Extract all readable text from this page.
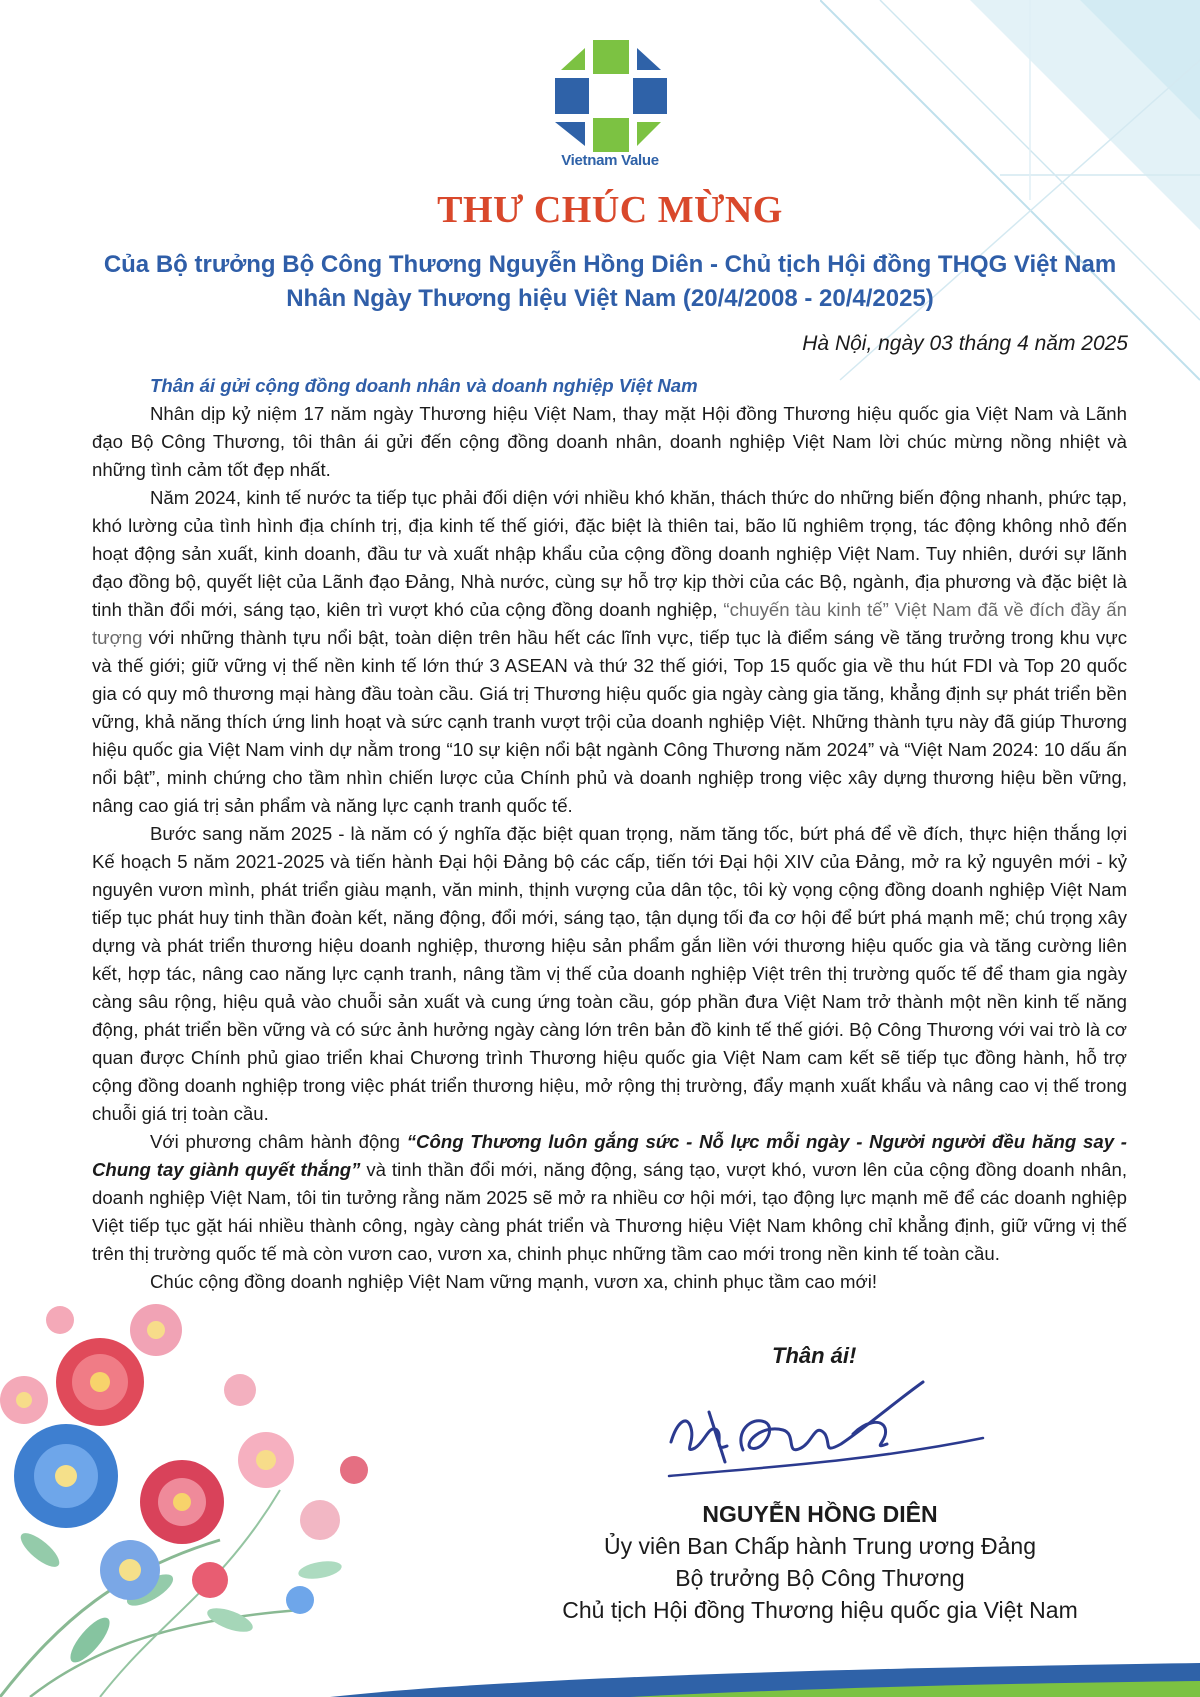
Vietnam Value
THƯ CHÚC MỪNG
Của Bộ trưởng Bộ Công Thương Nguyễn Hồng Diên - Chủ tịch Hội đồng THQG Việt Nam
Nhân Ngày Thương hiệu Việt Nam (20/4/2008 - 20/4/2025)
Hà Nội, ngày 03 tháng 4 năm 2025

Thân ái gửi cộng đồng doanh nhân và doanh nghiệp Việt Nam

Nhân dịp kỷ niệm 17 năm ngày Thương hiệu Việt Nam, thay mặt Hội đồng Thương hiệu quốc gia Việt Nam và Lãnh đạo Bộ Công Thương, tôi thân ái gửi đến cộng đồng doanh nhân, doanh nghiệp Việt Nam lời chúc mừng nồng nhiệt và những tình cảm tốt đẹp nhất.

Năm 2024, kinh tế nước ta tiếp tục phải đối diện với nhiều khó khăn, thách thức do những biến động nhanh, phức tạp, khó lường của tình hình địa chính trị, địa kinh tế thế giới, đặc biệt là thiên tai, bão lũ nghiêm trọng, tác động không nhỏ đến hoạt động sản xuất, kinh doanh, đầu tư và xuất nhập khẩu của cộng đồng doanh nghiệp Việt Nam. Tuy nhiên, dưới sự lãnh đạo đồng bộ, quyết liệt của Lãnh đạo Đảng, Nhà nước, cùng sự hỗ trợ kịp thời của các Bộ, ngành, địa phương và đặc biệt là tinh thần đổi mới, sáng tạo, kiên trì vượt khó của cộng đồng doanh nghiệp, “chuyến tàu kinh tế” Việt Nam đã về đích đầy ấn tượng với những thành tựu nổi bật, toàn diện trên hầu hết các lĩnh vực, tiếp tục là điểm sáng về tăng trưởng trong khu vực và thế giới; giữ vững vị thế nền kinh tế lớn thứ 3 ASEAN và thứ 32 thế giới, Top 15 quốc gia về thu hút FDI và Top 20 quốc gia có quy mô thương mại hàng đầu toàn cầu. Giá trị Thương hiệu quốc gia ngày càng gia tăng, khẳng định sự phát triển bền vững, khả năng thích ứng linh hoạt và sức cạnh tranh vượt trội của doanh nghiệp Việt. Những thành tựu này đã giúp Thương hiệu quốc gia Việt Nam vinh dự nằm trong “10 sự kiện nổi bật ngành Công Thương năm 2024” và “Việt Nam 2024: 10 dấu ấn nổi bật”, minh chứng cho tầm nhìn chiến lược của Chính phủ và doanh nghiệp trong việc xây dựng thương hiệu bền vững, nâng cao giá trị sản phẩm và năng lực cạnh tranh quốc tế.

Bước sang năm 2025 - là năm có ý nghĩa đặc biệt quan trọng, năm tăng tốc, bứt phá để về đích, thực hiện thắng lợi Kế hoạch 5 năm 2021-2025 và tiến hành Đại hội Đảng bộ các cấp, tiến tới Đại hội XIV của Đảng, mở ra kỷ nguyên mới - kỷ nguyên vươn mình, phát triển giàu mạnh, văn minh, thịnh vượng của dân tộc, tôi kỳ vọng cộng đồng doanh nghiệp Việt Nam tiếp tục phát huy tinh thần đoàn kết, năng động, đổi mới, sáng tạo, tận dụng tối đa cơ hội để bứt phá mạnh mẽ; chú trọng xây dựng và phát triển thương hiệu doanh nghiệp, thương hiệu sản phẩm gắn liền với thương hiệu quốc gia và tăng cường liên kết, hợp tác, nâng cao năng lực cạnh tranh, nâng tầm vị thế của doanh nghiệp Việt trên thị trường quốc tế để tham gia ngày càng sâu rộng, hiệu quả vào chuỗi sản xuất và cung ứng toàn cầu, góp phần đưa Việt Nam trở thành một nền kinh tế năng động, phát triển bền vững và có sức ảnh hưởng ngày càng lớn trên bản đồ kinh tế thế giới. Bộ Công Thương với vai trò là cơ quan được Chính phủ giao triển khai Chương trình Thương hiệu quốc gia Việt Nam cam kết sẽ tiếp tục đồng hành, hỗ trợ cộng đồng doanh nghiệp trong việc phát triển thương hiệu, mở rộng thị trường, đẩy mạnh xuất khẩu và nâng cao vị thế trong chuỗi giá trị toàn cầu.

Với phương châm hành động “Công Thương luôn gắng sức - Nỗ lực mỗi ngày - Người người đều hăng say - Chung tay giành quyết thắng” và tinh thần đổi mới, năng động, sáng tạo, vượt khó, vươn lên của cộng đồng doanh nhân, doanh nghiệp Việt Nam, tôi tin tưởng rằng năm 2025 sẽ mở ra nhiều cơ hội mới, tạo động lực mạnh mẽ để các doanh nghiệp Việt tiếp tục gặt hái nhiều thành công, ngày càng phát triển và Thương hiệu Việt Nam không chỉ khẳng định, giữ vững vị thế trên thị trường quốc tế mà còn vươn cao, vươn xa, chinh phục những tầm cao mới trong nền kinh tế toàn cầu.

Chúc cộng đồng doanh nghiệp Việt Nam vững mạnh, vươn xa, chinh phục tầm cao mới!

Thân ái!
NGUYỄN HỒNG DIÊN
Ủy viên Ban Chấp hành Trung ương Đảng
Bộ trưởng Bộ Công Thương
Chủ tịch Hội đồng Thương hiệu quốc gia Việt Nam
